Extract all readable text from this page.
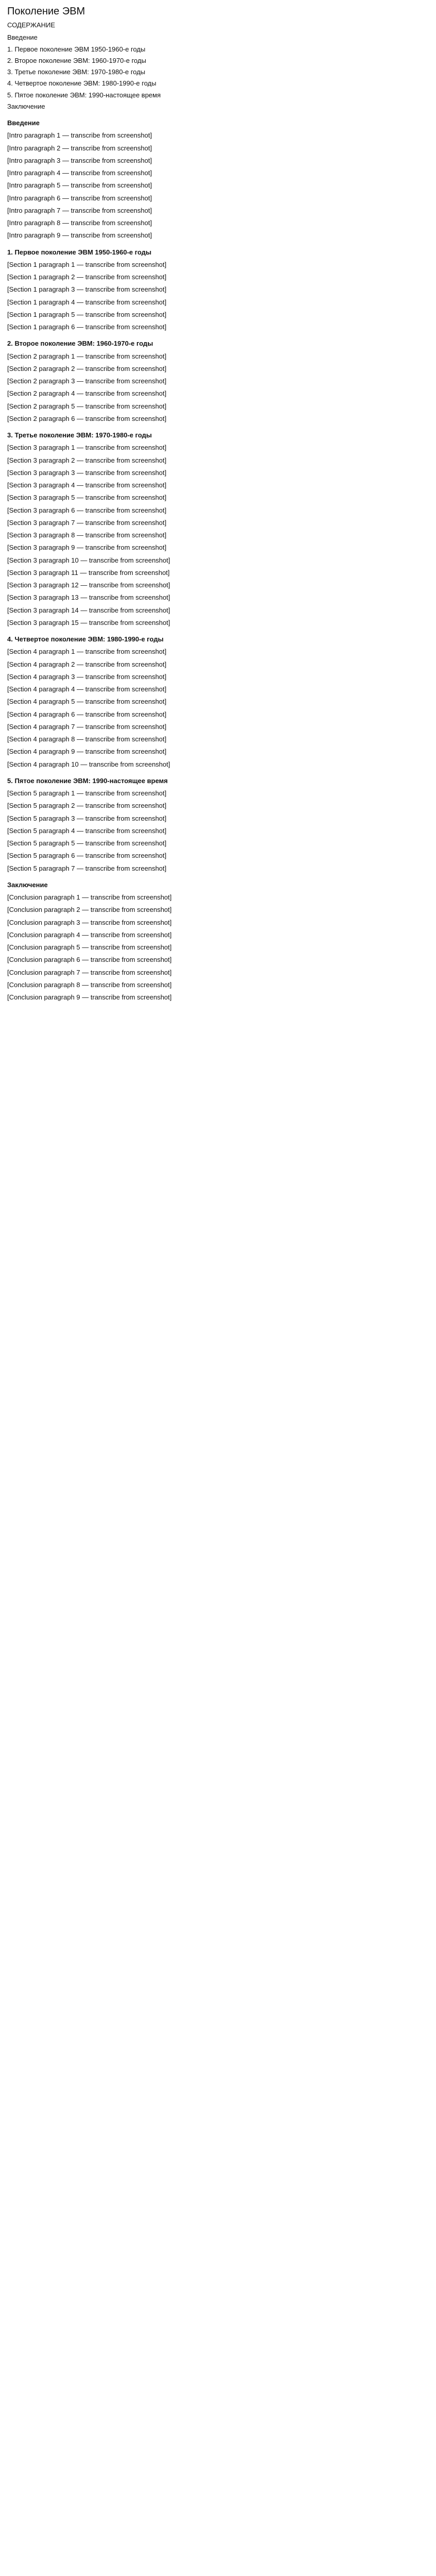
Поколение ЭВМ
СОДЕРЖАНИЕ
Введение
1. Первое поколение ЭВМ 1950-1960-е годы
2. Второе поколение ЭВМ: 1960-1970-е годы
3. Третье поколение ЭВМ: 1970-1980-е годы
4. Четвертое поколение ЭВМ: 1980-1990-е годы
5. Пятое поколение ЭВМ: 1990-настоящее время
Заключение
Введение

[Intro paragraph 1 — transcribe from screenshot]

[Intro paragraph 2 — transcribe from screenshot]

[Intro paragraph 3 — transcribe from screenshot]

[Intro paragraph 4 — transcribe from screenshot]

[Intro paragraph 5 — transcribe from screenshot]

[Intro paragraph 6 — transcribe from screenshot]

[Intro paragraph 7 — transcribe from screenshot]

[Intro paragraph 8 — transcribe from screenshot]

[Intro paragraph 9 — transcribe from screenshot]

1. Первое поколение ЭВМ 1950-1960-е годы

[Section 1 paragraph 1 — transcribe from screenshot]

[Section 1 paragraph 2 — transcribe from screenshot]

[Section 1 paragraph 3 — transcribe from screenshot]

[Section 1 paragraph 4 — transcribe from screenshot]

[Section 1 paragraph 5 — transcribe from screenshot]

[Section 1 paragraph 6 — transcribe from screenshot]

2. Второе поколение ЭВМ: 1960-1970-е годы

[Section 2 paragraph 1 — transcribe from screenshot]

[Section 2 paragraph 2 — transcribe from screenshot]

[Section 2 paragraph 3 — transcribe from screenshot]

[Section 2 paragraph 4 — transcribe from screenshot]

[Section 2 paragraph 5 — transcribe from screenshot]

[Section 2 paragraph 6 — transcribe from screenshot]

3. Третье поколение ЭВМ: 1970-1980-е годы

[Section 3 paragraph 1 — transcribe from screenshot]

[Section 3 paragraph 2 — transcribe from screenshot]

[Section 3 paragraph 3 — transcribe from screenshot]

[Section 3 paragraph 4 — transcribe from screenshot]

[Section 3 paragraph 5 — transcribe from screenshot]

[Section 3 paragraph 6 — transcribe from screenshot]

[Section 3 paragraph 7 — transcribe from screenshot]

[Section 3 paragraph 8 — transcribe from screenshot]

[Section 3 paragraph 9 — transcribe from screenshot]

[Section 3 paragraph 10 — transcribe from screenshot]

[Section 3 paragraph 11 — transcribe from screenshot]

[Section 3 paragraph 12 — transcribe from screenshot]

[Section 3 paragraph 13 — transcribe from screenshot]

[Section 3 paragraph 14 — transcribe from screenshot]

[Section 3 paragraph 15 — transcribe from screenshot]

4. Четвертое поколение ЭВМ: 1980-1990-е годы

[Section 4 paragraph 1 — transcribe from screenshot]

[Section 4 paragraph 2 — transcribe from screenshot]

[Section 4 paragraph 3 — transcribe from screenshot]

[Section 4 paragraph 4 — transcribe from screenshot]

[Section 4 paragraph 5 — transcribe from screenshot]

[Section 4 paragraph 6 — transcribe from screenshot]

[Section 4 paragraph 7 — transcribe from screenshot]

[Section 4 paragraph 8 — transcribe from screenshot]

[Section 4 paragraph 9 — transcribe from screenshot]

[Section 4 paragraph 10 — transcribe from screenshot]

5. Пятое поколение ЭВМ: 1990-настоящее время

[Section 5 paragraph 1 — transcribe from screenshot]

[Section 5 paragraph 2 — transcribe from screenshot]

[Section 5 paragraph 3 — transcribe from screenshot]

[Section 5 paragraph 4 — transcribe from screenshot]

[Section 5 paragraph 5 — transcribe from screenshot]

[Section 5 paragraph 6 — transcribe from screenshot]

[Section 5 paragraph 7 — transcribe from screenshot]

Заключение

[Conclusion paragraph 1 — transcribe from screenshot]

[Conclusion paragraph 2 — transcribe from screenshot]

[Conclusion paragraph 3 — transcribe from screenshot]

[Conclusion paragraph 4 — transcribe from screenshot]

[Conclusion paragraph 5 — transcribe from screenshot]

[Conclusion paragraph 6 — transcribe from screenshot]

[Conclusion paragraph 7 — transcribe from screenshot]

[Conclusion paragraph 8 — transcribe from screenshot]

[Conclusion paragraph 9 — transcribe from screenshot]
